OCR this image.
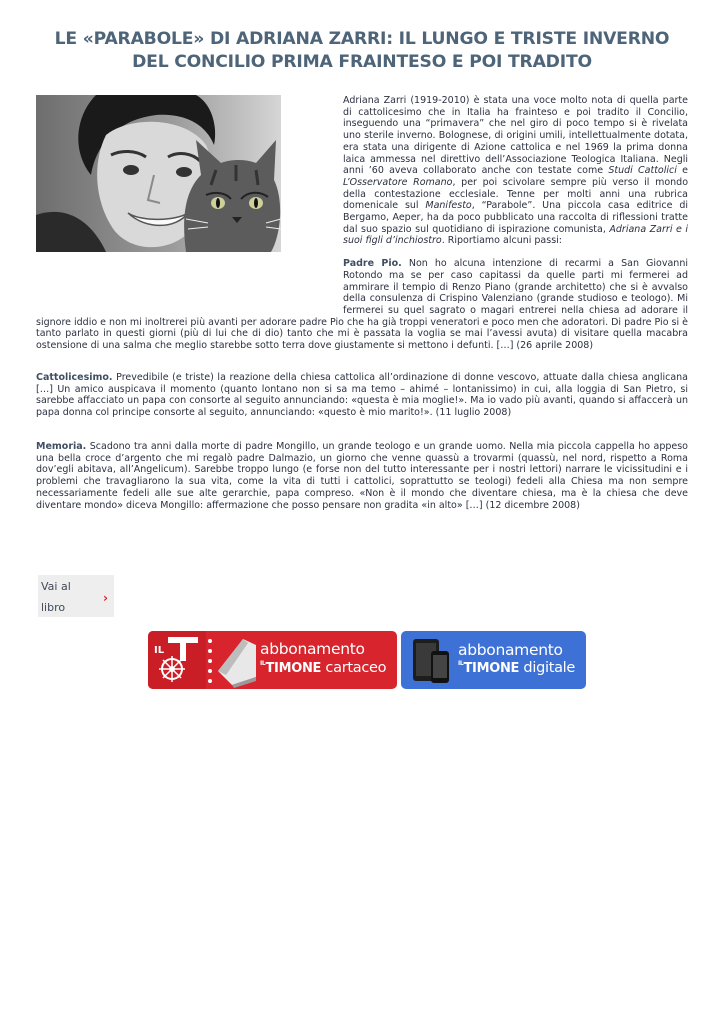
LE «PARABOLE» DI ADRIANA ZARRI: IL LUNGO E TRISTE INVERNO DEL CONCILIO PRIMA FRAINTESO E POI TRADITO

Adriana Zarri (1919-2010) è stata una voce molto nota di quella parte di cattolicesimo che in Italia ha frainteso e poi tradito il Concilio, inseguendo una “primavera” che nel giro di poco tempo si è rivelata uno sterile inverno. Bolognese, di origini umili, intellettualmente dotata, era stata una dirigente di Azione cattolica e nel 1969 la prima donna laica ammessa nel direttivo dell’Associazione Teologica Italiana. Negli anni ’60 aveva collaborato anche con testate come Studi Cattolici e L’Osservatore Romano, per poi scivolare sempre più verso il mondo della contestazione ecclesiale. Tenne per molti anni una rubrica domenicale sul Manifesto, “Parabole”. Una piccola casa editrice di Bergamo, Aeper, ha da poco pubblicato una raccolta di riflessioni tratte dal suo spazio sul quotidiano di ispirazione comunista, Adriana Zarri e i suoi figli d’inchiostro. Riportiamo alcuni passi:

Padre Pio. Non ho alcuna intenzione di recarmi a San Giovanni Rotondo ma se per caso capitassi da quelle parti mi fermerei ad ammirare il tempio di Renzo Piano (grande architetto) che si è avvalso della consulenza di Crispino Valenziano (grande studioso e teologo). Mi fermerei su quel sagrato o magari entrerei nella chiesa ad adorare il signore iddio e non mi inoltrerei più avanti per adorare padre Pio che ha già troppi veneratori e poco men che adoratori. Di padre Pio si è tanto parlato in questi giorni (più di lui che di dio) tanto che mi è passata la voglia se mai l’avessi avuta) di visitare quella macabra ostensione di una salma che meglio starebbe sotto terra dove giustamente si mettono i defunti. […] (26 aprile 2008)

Cattolicesimo. Prevedibile (e triste) la reazione della chiesa cattolica all’ordinazione di donne vescovo, attuate dalla chiesa anglicana […] Un amico auspicava il momento (quanto lontano non si sa ma temo – ahimé – lontanissimo) in cui, alla loggia di San Pietro, si sarebbe affacciato un papa con consorte al seguito annunciando: «questa è mia moglie!». Ma io vado più avanti, quando si affaccerà un papa donna col principe consorte al seguito, annunciando: «questo è mio marito!». (11 luglio 2008)

Memoria. Scadono tra anni dalla morte di padre Mongillo, un grande teologo e un grande uomo. Nella mia piccola cappella ho appeso una bella croce d’argento che mi regalò padre Dalmazio, un giorno che venne quassù a trovarmi (quassù, nel nord, rispetto a Roma dov’egli abitava, all’Angelicum). Sarebbe troppo lungo (e forse non del tutto interessante per i nostri lettori) narrare le vicissitudini e i problemi che travagliarono la sua vita, come la vita di tutti i cattolici, soprattutto se teologi) fedeli alla Chiesa ma non sempre necessariamente fedeli alle sue alte gerarchie, papa compreso. «Non è il mondo che diventare chiesa, ma è la chiesa che deve diventare mondo» diceva Mongillo: affermazione che posso pensare non gradita «in alto» […] (12 dicembre 2008)

Vai al
libro
›
IL	abbonamento
$^{IL}$TIMONE cartaceo
abbonamento
$^{IL}$TIMONE digitale
